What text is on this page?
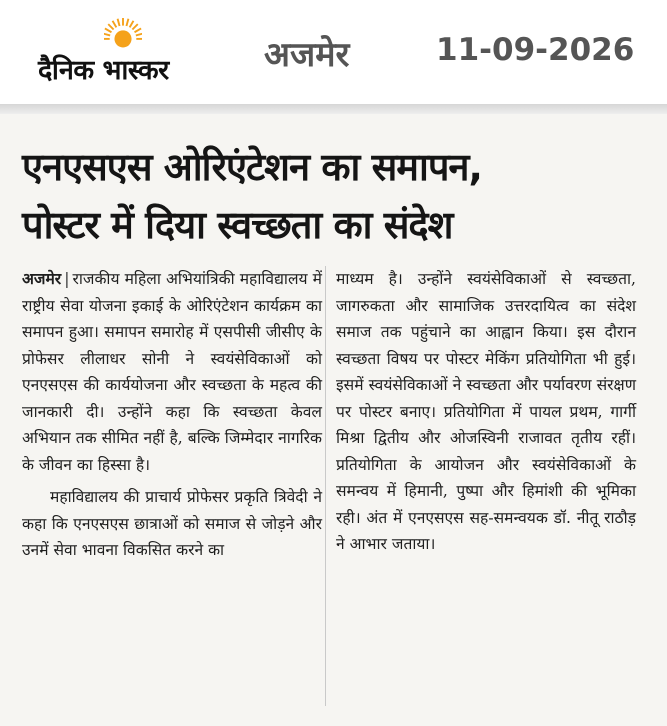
दैनिक भास्कर	अजमेर	11-09-2026
एनएसएस ओरिएंटेशन का समापन,
पोस्टर में दिया स्वच्छता का संदेश

अजमेर | राजकीय महिला अभियांत्रिकी महाविद्यालय में राष्ट्रीय सेवा योजना इकाई के ओरिएंटेशन कार्यक्रम का समापन हुआ। समापन समारोह में एसपीसी जीसीए के प्रोफेसर लीलाधर सोनी ने स्वयंसेविकाओं को एनएसएस की कार्ययोजना और स्वच्छता के महत्व की जानकारी दी। उन्होंने कहा कि स्वच्छता केवल अभियान तक सीमित नहीं है, बल्कि जिम्मेदार नागरिक के जीवन का हिस्सा है।

महाविद्यालय की प्राचार्य प्रोफेसर प्रकृति त्रिवेदी ने कहा कि एनएसएस छात्राओं को समाज से जोड़ने और उनमें सेवा भावना विकसित करने का

माध्यम है। उन्होंने स्वयंसेविकाओं से स्वच्छता, जागरुकता और सामाजिक उत्तरदायित्व का संदेश समाज तक पहुंचाने का आह्वान किया। इस दौरान स्वच्छता विषय पर पोस्टर मेकिंग प्रतियोगिता भी हुई। इसमें स्वयंसेविकाओं ने स्वच्छता और पर्यावरण संरक्षण पर पोस्टर बनाए। प्रतियोगिता में पायल प्रथम, गार्गी मिश्रा द्वितीय और ओजस्विनी राजावत तृतीय रहीं। प्रतियोगिता के आयोजन और स्वयंसेविकाओं के समन्वय में हिमानी, पुष्पा और हिमांशी की भूमिका रही। अंत में एनएसएस सह-समन्वयक डॉ. नीतू राठौड़ ने आभार जताया।
